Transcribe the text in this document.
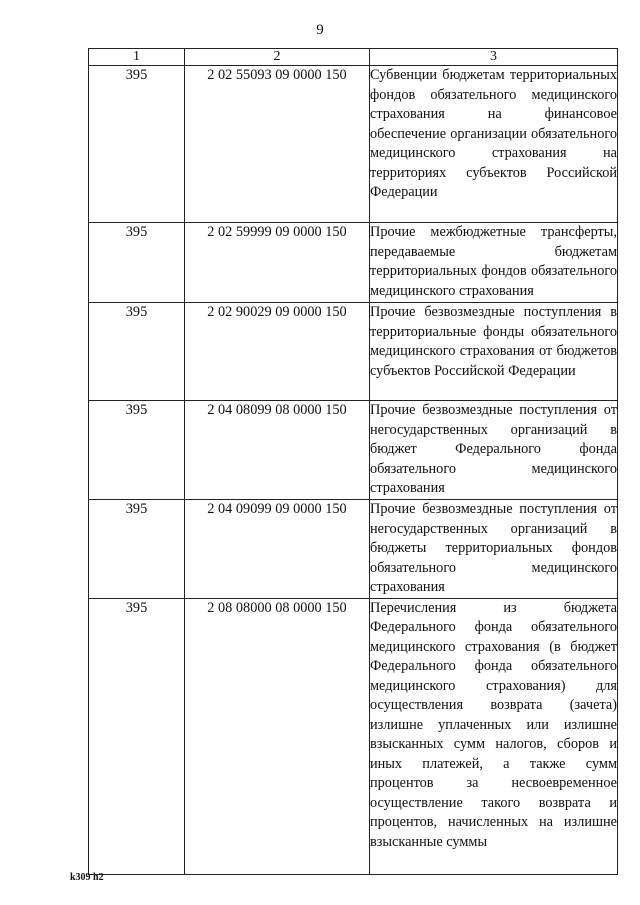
9
1	2	3
395	2 02 55093 09 0000 150	Субвенции бюджетам территориальных фондов обязательного медицинского страхования на финансовое обеспечение организации обязательного медицинского страхования на территориях субъектов Российской Федерации
395	2 02 59999 09 0000 150	Прочие межбюджетные трансферты, передаваемые бюджетам территориальных фондов обязательного медицинского страхования
395	2 02 90029 09 0000 150	Прочие безвозмездные поступления в территориальные фонды обязательного медицинского страхования от бюджетов субъектов Российской Федерации
395	2 04 08099 08 0000 150	Прочие безвозмездные поступления от негосударственных организаций в бюджет Федерального фонда обязательного медицинского страхования
395	2 04 09099 09 0000 150	Прочие безвозмездные поступления от негосударственных организаций в бюджеты территориальных фондов обязательного медицинского страхования
395	2 08 08000 08 0000 150	Перечисления из бюджета Федерального фонда обязательного медицинского страхования (в бюджет Федерального фонда обязательного медицинского страхования) для осуществления возврата (зачета) излишне уплаченных или излишне взысканных сумм налогов, сборов и иных платежей, а также сумм процентов за несвоевременное осуществление такого возврата и процентов, начисленных на излишне взысканные суммы
k309 h2
